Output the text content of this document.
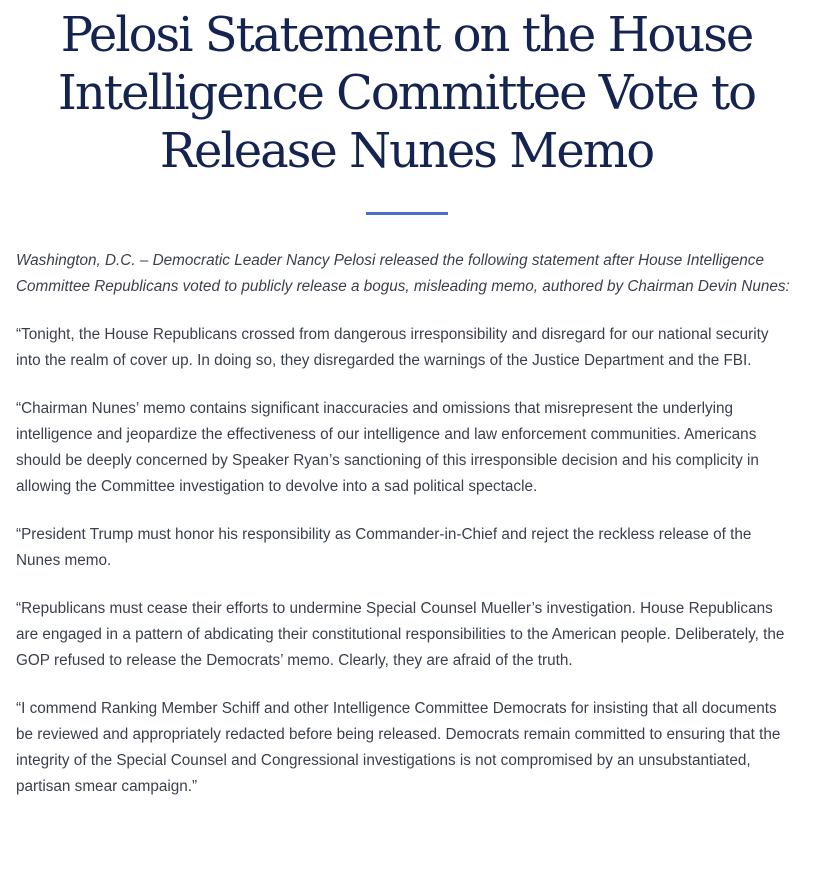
Pelosi Statement on the House Intelligence Committee Vote to Release Nunes Memo

Washington, D.C. – Democratic Leader Nancy Pelosi released the following statement after House Intelligence Committee Republicans voted to publicly release a bogus, misleading memo, authored by Chairman Devin Nunes:

“Tonight, the House Republicans crossed from dangerous irresponsibility and disregard for our national security into the realm of cover up. In doing so, they disregarded the warnings of the Justice Department and the FBI.

“Chairman Nunes’ memo contains significant inaccuracies and omissions that misrepresent the underlying intelligence and jeopardize the effectiveness of our intelligence and law enforcement communities. Americans should be deeply concerned by Speaker Ryan’s sanctioning of this irresponsible decision and his complicity in allowing the Committee investigation to devolve into a sad political spectacle.

“President Trump must honor his responsibility as Commander-in-Chief and reject the reckless release of the Nunes memo.

“Republicans must cease their efforts to undermine Special Counsel Mueller’s investigation. House Republicans are engaged in a pattern of abdicating their constitutional responsibilities to the American people. Deliberately, the GOP refused to release the Democrats’ memo. Clearly, they are afraid of the truth.

“I commend Ranking Member Schiff and other Intelligence Committee Democrats for insisting that all documents be reviewed and appropriately redacted before being released. Democrats remain committed to ensuring that the integrity of the Special Counsel and Congressional investigations is not compromised by an unsubstantiated, partisan smear campaign.”
